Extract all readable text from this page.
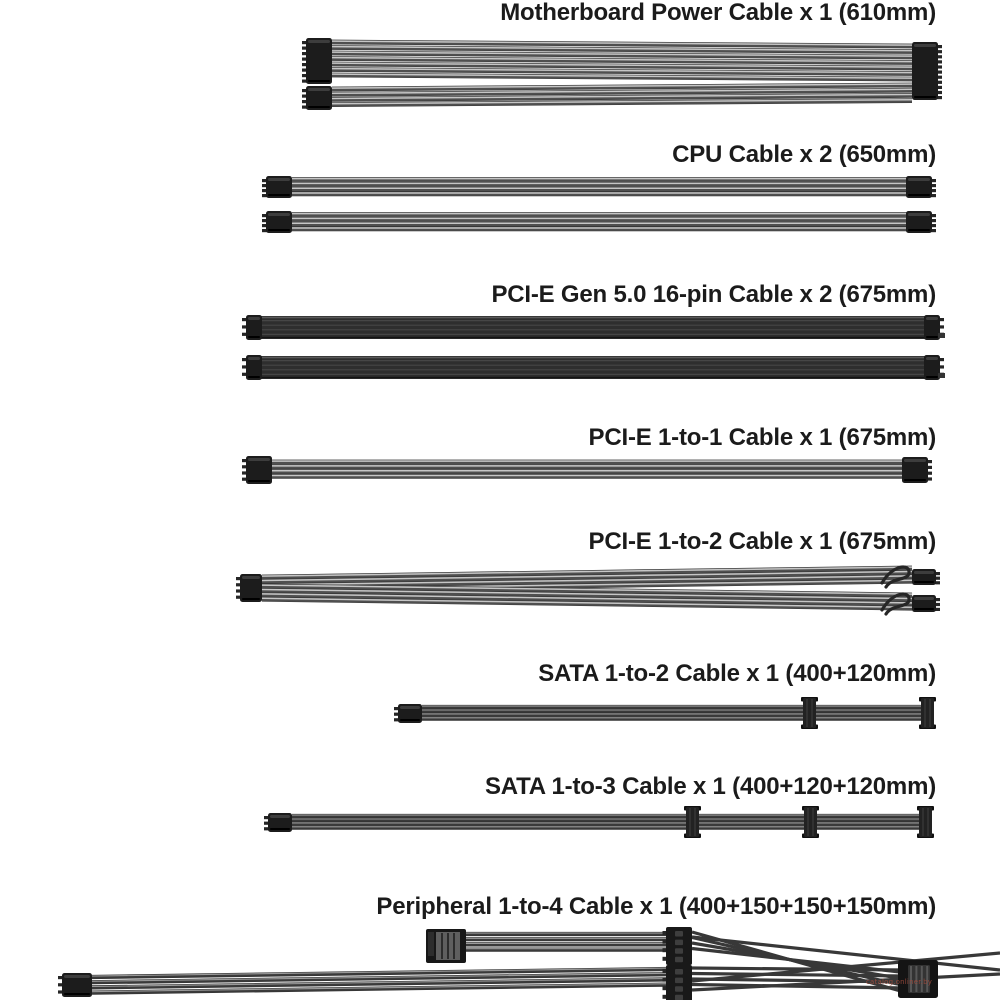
Motherboard Power Cable x 1 (610mm)
CPU Cable x 2 (650mm)
PCI-E Gen 5.0 16-pin Cable x 2 (675mm)
PCI-E 1-to-1 Cable x 1 (675mm)
PCI-E 1-to-2 Cable x 1 (675mm)
SATA 1-to-2 Cable x 1 (400+120mm)
SATA 1-to-3 Cable x 1 (400+120+120mm)
Peripheral 1-to-4 Cable x 1 (400+150+150+150mm)
catalog.onliner.by
